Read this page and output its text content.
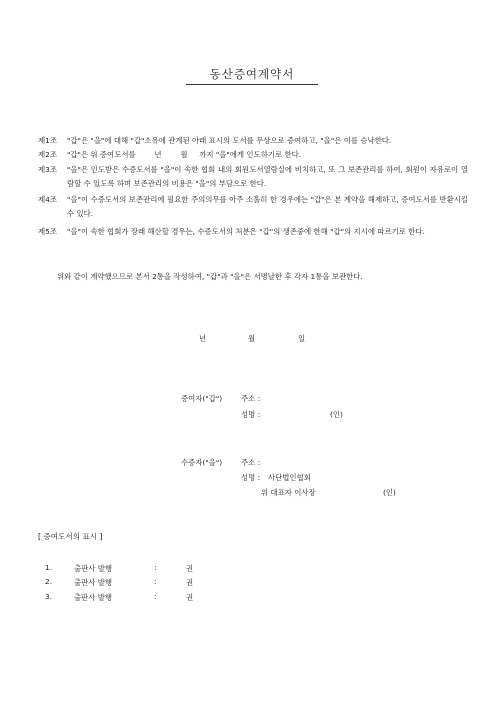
동산증여계약서
제1조 "갑"은 "을"에 대해 "갑"소유에 관계된 아래 표시의 도서를 무상으로 증여하고, "을"은 이를 승낙한다.
제2조 "갑"은 위 증여도서를        년        월     까지 "을"에게 인도하기로 한다.
제3조 "을"은 인도받은 수증도서를 "을"이 속한 협회 내의 회원도서열람실에 비치하고, 또 그 보존관리를 하여, 회원이 자유로이 열람할 수 있도록 하며 보존관리의 비용은 "을"의 부담으로 한다.
제4조 "을"이 수증도서의 보존관리에 필요한 주의의무를 아주 소홀히 한 경우에는 "갑"은 본 계약을 해제하고, 증여도서를 반환시킬 수 있다.
제5조 "을"이 속한 협회가 장래 해산할 경우는, 수증도서의 처분은 "갑"의 생존중에 한해 "갑"의 지시에 따르기로 한다.
위와 같이 계약했으므로 본서 2통을 작성하여, "갑"과 "을"은 서명날한 후 각자 1통을 보관한다.
년	월	일
증여자("갑")	주소 :
성명 :	(인)
수증자("을")	주소 :
성명 : 사단법인협회
위 대표자 이사장	(인)
[ 증여도서의 표시 ]
1.	출판사 발행	:	권
2.	출판사 발행	:	권
3.	출판사 발행	:	권
